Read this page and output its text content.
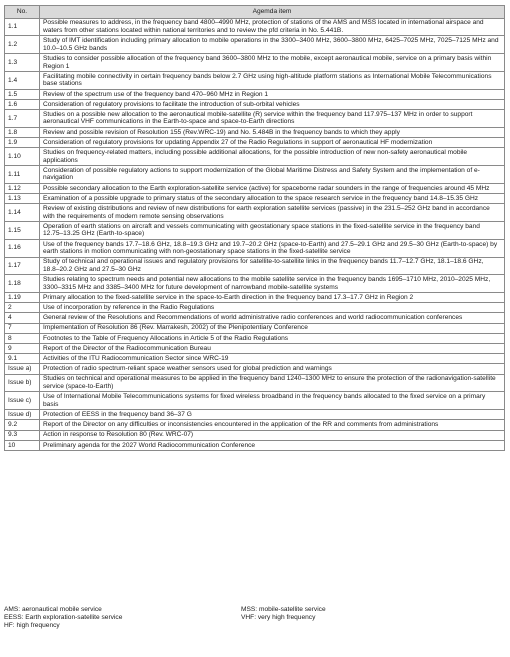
No.	Agemda item
1.1	Possible measures to address, in the frequency band 4800–4990 MHz, protection of stations of the AMS and MSS located in international airspace and waters from other stations located within national territories and to review the pfd criteria in No. 5.441B.
1.2	Study of IMT identification including primary allocation to mobile operations in the 3300–3400 MHz, 3600–3800 MHz, 6425–7025 MHz, 7025–7125 MHz and 10.0–10.5 GHz bands
1.3	Studies to consider possible allocation of the frequency band 3600–3800 MHz to the mobile, except aeronautical mobile, service on a primary basis within Region 1
1.4	Facilitating mobile connectivity in certain frequency bands below 2.7 GHz using high-altitude platform stations as International Mobile Telecommunications base stations
1.5	Review of the spectrum use of the frequency band 470–960 MHz in Region 1
1.6	Consideration of regulatory provisions to facilitate the introduction of sub-orbital vehicles
1.7	Studies on a possible new allocation to the aeronautical mobile-satellite (R) service within the frequency band 117.975–137 MHz in order to support aeronautical VHF communications in the Earth-to-space and space-to-Earth directions
1.8	Review and possible revision of Resolution 155 (Rev.WRC-19) and No. 5.484B in the frequency bands to which they apply
1.9	Consideration of regulatory provisions for updating Appendix 27 of the Radio Regulations in support of aeronautical HF modernization
1.10	Studies on frequency-related matters, including possible additional allocations, for the possible introduction of new non-safety aeronautical mobile applications
1.11	Consideration of possible regulatory actions to support modernization of the Global Maritime Distress and Safety System and the implementation of e-navigation
1.12	Possible secondary allocation to the Earth exploration-satellite service (active) for spaceborne radar sounders in the range of frequencies around 45 MHz
1.13	Examination of a possible upgrade to primary status of the secondary allocation to the space research service in the frequency band 14.8–15.35 GHz
1.14	Review of existing distributions and review of new distributions for earth exploration satellite services (passive) in the 231.5–252 GHz band in accordance with the requirements of modern remote sensing observations
1.15	Operation of earth stations on aircraft and vessels communicating with geostationary space stations in the fixed-satellite service in the frequency band 12.75–13.25 GHz (Earth-to-space)
1.16	Use of the frequency bands 17.7–18.6 GHz, 18.8–19.3 GHz and 19.7–20.2 GHz (space-to-Earth) and 27.5–29.1 GHz and 29.5–30 GHz (Earth-to-space) by earth stations in motion communicating with non-geostationary space stations in the fixed-satellite service
1.17	Study of technical and operational issues and regulatory provisions for satellite-to-satellite links in the frequency bands 11.7–12.7 GHz, 18.1–18.6 GHz, 18.8–20.2 GHz and 27.5–30 GHz
1.18	Studies relating to spectrum needs and potential new allocations to the mobile satellite service in the frequency bands 1695–1710 MHz, 2010–2025 MHz, 3300–3315 MHz and 3385–3400 MHz for future development of narrowband mobile-satellite systems
1.19	Primary allocation to the fixed-satellite service in the space-to-Earth direction in the frequency band 17.3–17.7 GHz in Region 2
2	Use of incorporation by reference in the Radio Regulations
4	General review of the Resolutions and Recommendations of world administrative radio conferences and world radiocommunication conferences
7	Implementation of Resolution 86 (Rev. Marrakesh, 2002) of the Plenipotentiary Conference
8	Footnotes to the Table of Frequency Allocations in Article 5 of the Radio Regulations
9	Report of the Director of the Radiocommunication Bureau
9.1	Activities of the ITU Radiocommunication Sector since WRC-19
Issue a)	Protection of radio spectrum-reliant space weather sensors used for global prediction and warnings
Issue b)	Studies on technical and operational measures to be applied in the frequency band 1240–1300 MHz to ensure the protection of the radionavigation-satellite service (space-to-Earth)
Issue c)	Use of International Mobile Telecommunications systems for fixed wireless broadband in the frequency bands allocated to the fixed service on a primary basis
Issue d)	Protection of EESS in the frequency band 36–37 G
9.2	Report of the Director on any difficulties or inconsistencies encountered in the application of the RR and comments from administrations
9.3	Action in response to Resolution 80 (Rev. WRC-07)
10	Preliminary agenda for the 2027 World Radiocommunication Conference
AMS: aeronautical mobile service	MSS: mobile-satellite service
EESS: Earth exploration-satellite service	VHF: very high frequency
HF: high frequency
